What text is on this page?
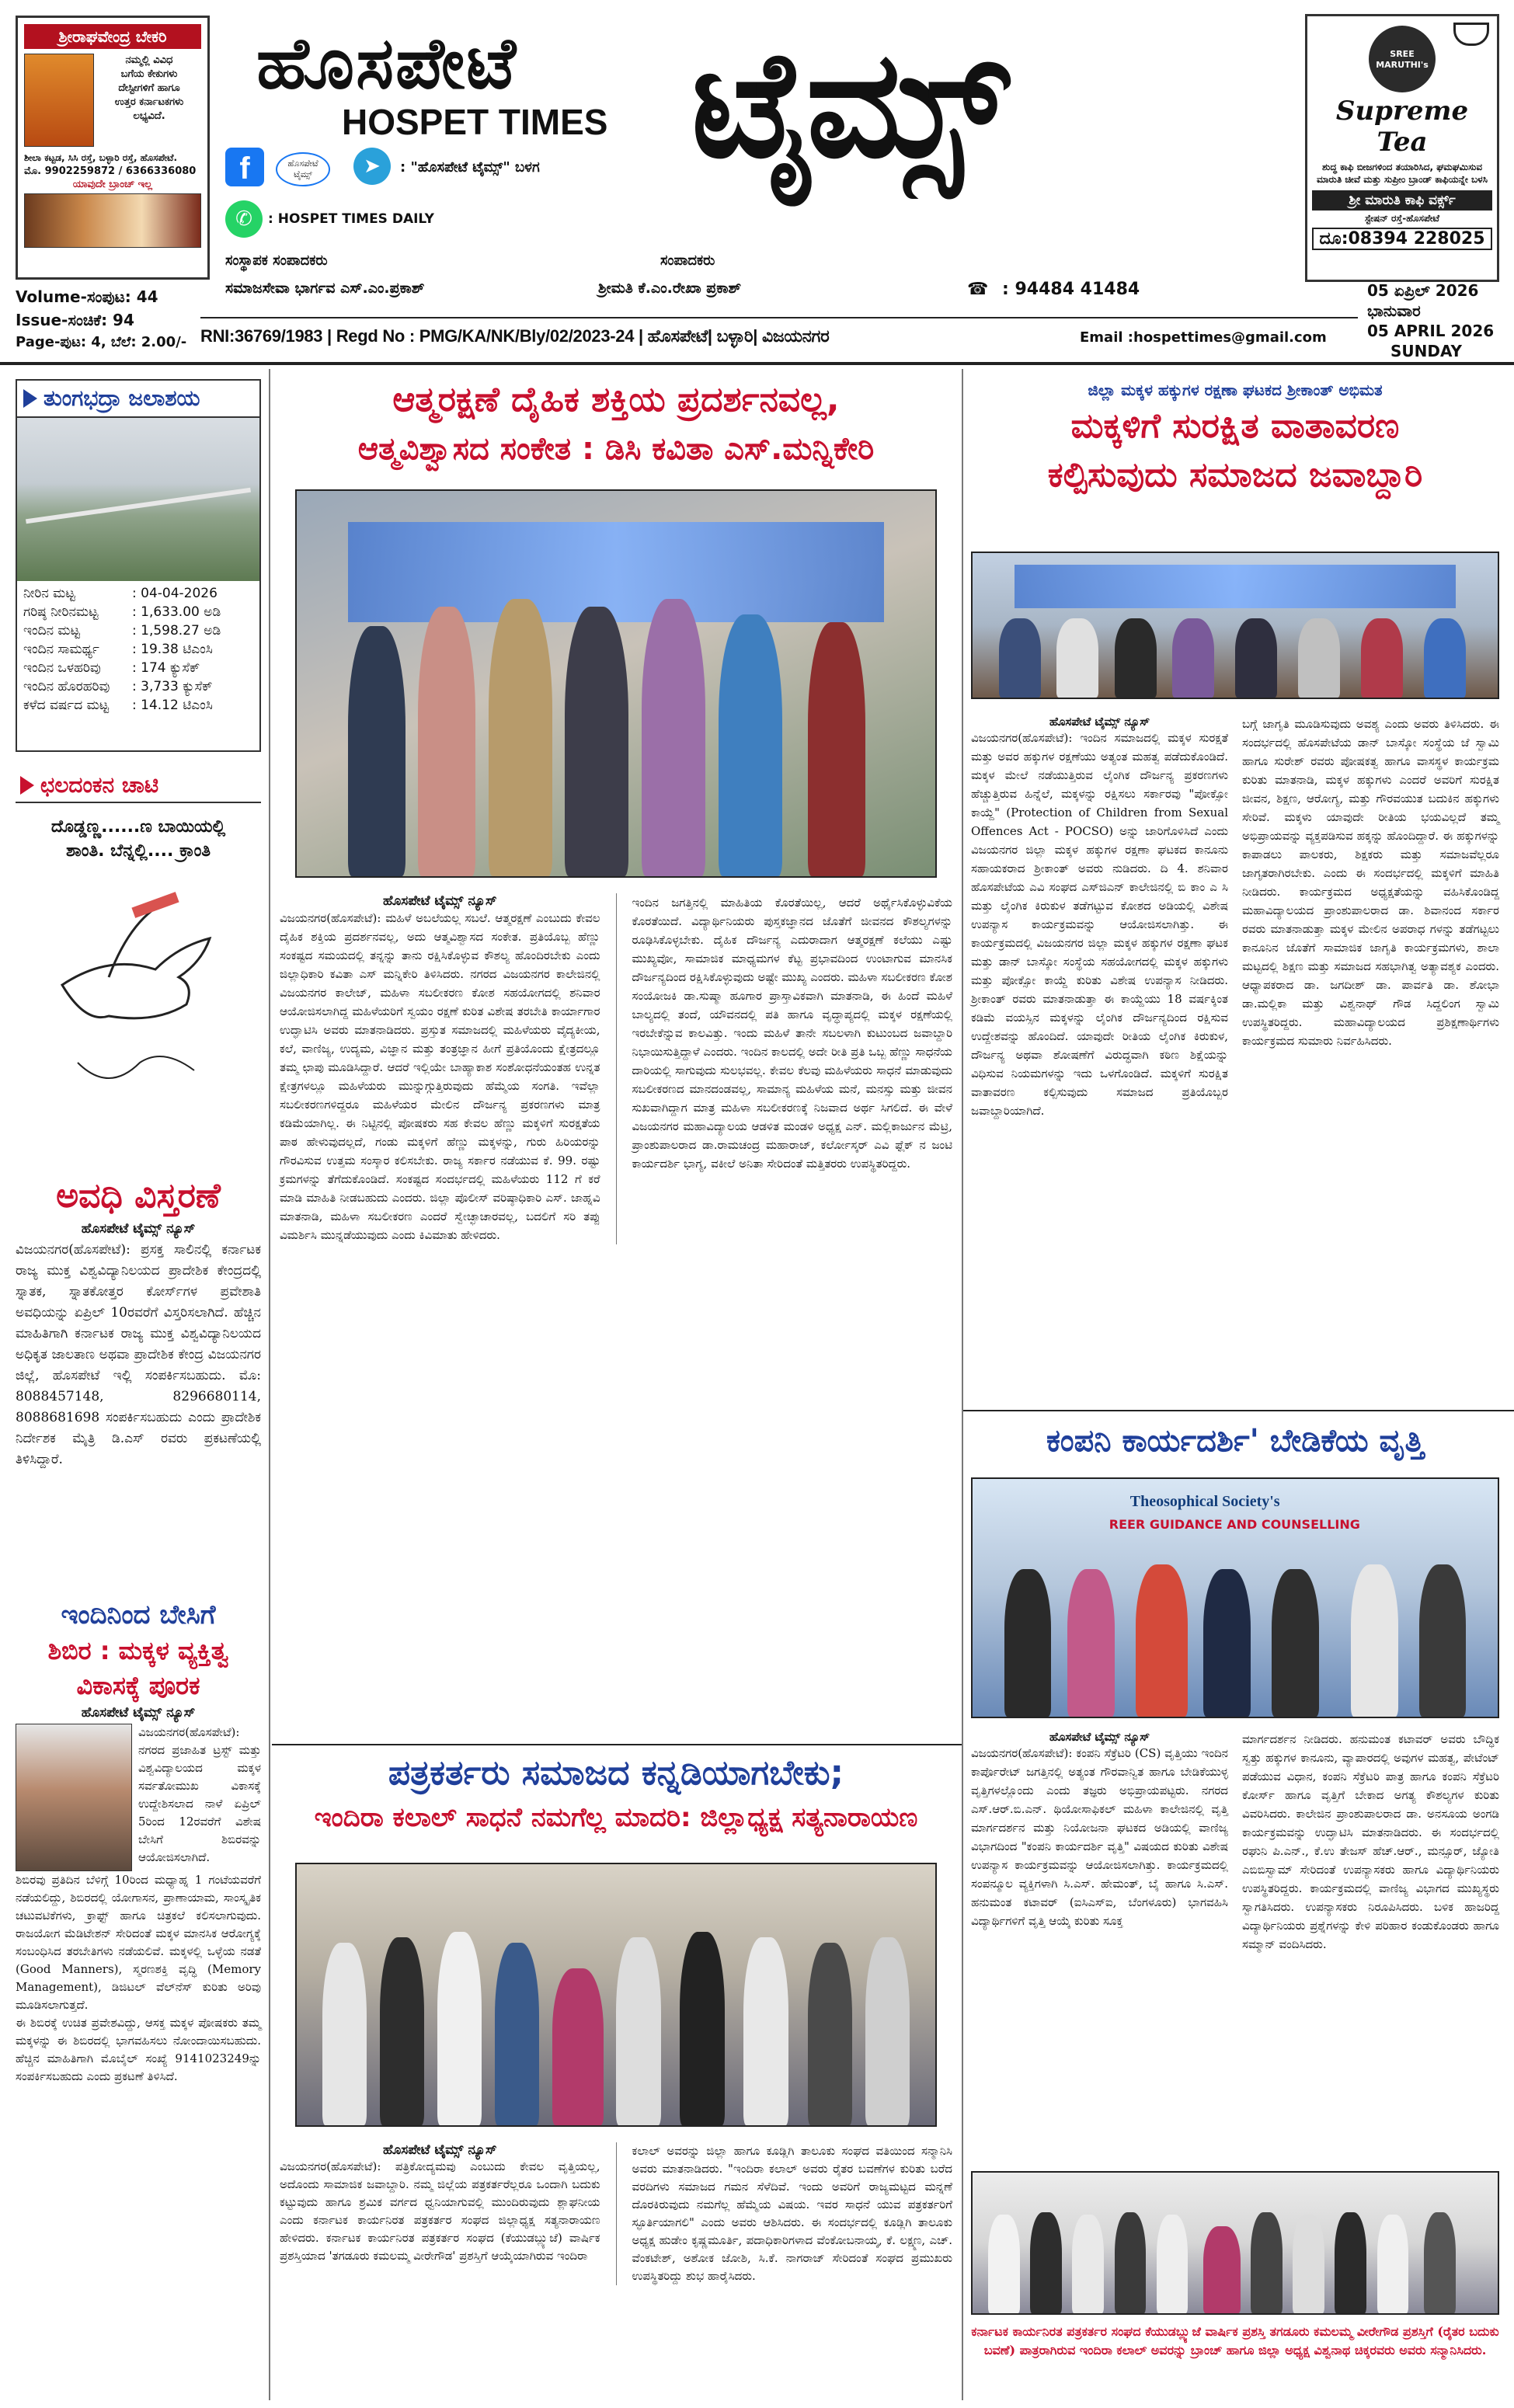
ಶ್ರೀರಾಘವೇಂದ್ರ ಬೇಕರಿ
ನಮ್ಮಲ್ಲಿ ವಿವಿಧ
ಬಗೆಯ ಕೇಕುಗಳು
ದೇಸ್ಟೀಗಳಿಗೆ ಹಾಗೂ
ಉತ್ತರ ಕರ್ನಾಟಕಗಳು ಲಭ್ಯವಿದೆ.
ಶೀಲಾ ಕಟ್ಟಡ, ಸಿಸಿ ರಸ್ತೆ, ಬಳ್ಳಾರಿ ರಸ್ತೆ, ಹೊಸಪೇಟೆ.
ಮೊ. 9902259872 / 6366336080
ಯಾವುದೇ ಬ್ರಾಂಚ್ ಇಲ್ಲ
ಹೊಸಪೇಟೆ
HOSPET TIMES ಟೈಮ್ಸ್
f	ಹೊಸಪೇಟೆ ಟೈಮ್ಸ್	➤	: "ಹೊಸಪೇಟೆ ಟೈಮ್ಸ್" ಬಳಗ
✆	: HOSPET TIMES DAILY
SREE MARUTHI's
Supreme Tea
ಶುದ್ಧ ಕಾಫಿ ಬೀಜಗಳಿಂದ ತಯಾರಿಸಿದ, ಘಮಘಮಿಸುವ ಮಾರುತಿ ಚೀವೆ ಮತ್ತು ಸುಪ್ರೀಂ ಬ್ರಾಂಡ್ ಕಾಫಿಯನ್ನೇ ಬಳಸಿ
ಶ್ರೀ ಮಾರುತಿ ಕಾಫಿ ವರ್ಕ್ಸ್
ಸ್ಟೇಷನ್ ರಸ್ತೆ-ಹೊಸಪೇಟೆ
ದೂ:08394 228025
ಸಂಸ್ಥಾಪಕ ಸಂಪಾದಕರು
ಸಮಾಜಸೇವಾ ಭಾರ್ಗವ ಎಸ್.ಎಂ.ಪ್ರಕಾಶ್
ಸಂಪಾದಕರು
ಶ್ರೀಮತಿ ಕೆ.ಎಂ.ರೇಖಾ ಪ್ರಕಾಶ್	☎ : 94484 41484
Volume-ಸಂಪುಟ: 44
Issue-ಸಂಚಿಕೆ: 94
Page-ಪುಟ: 4, ಬೆಲೆ: 2.00/- RNI:36769/1983 | Regd No : PMG/KA/NK/Bly/02/2023-24 | ಹೊಸಪೇಟೆ| ಬಳ್ಳಾರಿ| ವಿಜಯನಗರ	Email :hospettimes@gmail.com
05 ಏಪ್ರಿಲ್ 2026
ಭಾನುವಾರ
05 APRIL 2026
SUNDAY
ತುಂಗಭದ್ರಾ ಜಲಾಶಯ
ನೀರಿನ ಮಟ್ಟ	: 04-04-2026
ಗರಿಷ್ಠ ನೀರಿನಮಟ್ಟ	: 1,633.00 ಅಡಿ
ಇಂದಿನ ಮಟ್ಟ	: 1,598.27 ಅಡಿ
ಇಂದಿನ ಸಾಮರ್ಥ್ಯ	: 19.38 ಟಿಎಂಸಿ
ಇಂದಿನ ಒಳಹರಿವು	: 174 ಕ್ಯುಸೆಕ್
ಇಂದಿನ ಹೊರಹರಿವು	: 3,733 ಕ್ಯುಸೆಕ್
ಕಳೆದ ವರ್ಷದ ಮಟ್ಟ	: 14.12 ಟಿಎಂಸಿ
ಛಲದಂಕನ ಚಾಟಿ
ದೊಡ್ಡಣ್ಣ......ಣ ಬಾಯಿಯಲ್ಲಿ
ಶಾಂತಿ. ಬೆನ್ನಲ್ಲಿ.... ಕ್ರಾಂತಿ
ಅವಧಿ ವಿಸ್ತರಣೆ
ಹೊಸಪೇಟೆ ಟೈಮ್ಸ್ ನ್ಯೂಸ್
ವಿಜಯನಗರ(ಹೊಸಪೇಟೆ): ಪ್ರಸಕ್ತ ಸಾಲಿನಲ್ಲಿ ಕರ್ನಾಟಕ ರಾಜ್ಯ ಮುಕ್ತ ವಿಶ್ವವಿದ್ಯಾನಿಲಯದ ಪ್ರಾದೇಶಿಕ ಕೇಂದ್ರದಲ್ಲಿ ಸ್ನಾತಕ, ಸ್ನಾತಕೋತ್ತರ ಕೋರ್ಸ್‌ಗಳ ಪ್ರವೇಶಾತಿ ಅವಧಿಯನ್ನು ಏಪ್ರಿಲ್ 10ರವರೆಗೆ ವಿಸ್ತರಿಸಲಾಗಿದೆ. ಹೆಚ್ಚಿನ ಮಾಹಿತಿಗಾಗಿ ಕರ್ನಾಟಕ ರಾಜ್ಯ ಮುಕ್ತ ವಿಶ್ವವಿದ್ಯಾನಿಲಯದ ಅಧಿಕೃತ ಜಾಲತಾಣ ಅಥವಾ ಪ್ರಾದೇಶಿಕ ಕೇಂದ್ರ ವಿಜಯನಗರ ಜಿಲ್ಲೆ, ಹೊಸಪೇಟೆ ಇಲ್ಲಿ ಸಂಪರ್ಕಿಸಬಹುದು. ಮೊ: 8088457148, 8296680114, 8088681698 ಸಂಪರ್ಕಿಸಬಹುದು ಎಂದು ಪ್ರಾದೇಶಿಕ ನಿರ್ದೇಶಕ ಮೈತ್ರಿ ಡಿ.ಎಸ್ ರವರು ಪ್ರಕಟಣೆಯಲ್ಲಿ ತಿಳಿಸಿದ್ದಾರೆ.
ಇಂದಿನಿಂದ ಬೇಸಿಗೆ
ಶಿಬಿರ : ಮಕ್ಕಳ ವ್ಯಕ್ತಿತ್ವ
ವಿಕಾಸಕ್ಕೆ ಪೂರಕ
ಹೊಸಪೇಟೆ ಟೈಮ್ಸ್ ನ್ಯೂಸ್
ವಿಜಯನಗರ(ಹೊಸಪೇಟೆ): ನಗರದ ಪ್ರಜಾಹಿತ ಟ್ರಸ್ಟ್ ಮತ್ತು ವಿಶ್ವವಿದ್ಯಾಲಯದ ಮಕ್ಕಳ ಸರ್ವತೋಮುಖ ವಿಕಾಸಕ್ಕೆ ಉದ್ದೇಶಿಸಲಾದ ನಾಳೆ ಏಪ್ರಿಲ್ 5ರಿಂದ 12ರವರೆಗೆ ವಿಶೇಷ ಬೇಸಿಗೆ ಶಿಬಿರವನ್ನು ಆಯೋಜಿಸಲಾಗಿದೆ.
ಶಿಬಿರವು ಪ್ರತಿದಿನ ಬೆಳಿಗ್ಗೆ 10ರಿಂದ ಮಧ್ಯಾಹ್ನ 1 ಗಂಟೆಯವರೆಗೆ ನಡೆಯಲಿದ್ದು, ಶಿಬಿರದಲ್ಲಿ ಯೋಗಾಸನ, ಪ್ರಾಣಾಯಾಮ, ಸಾಂಸ್ಕೃತಿಕ ಚಟುವಟಿಕೆಗಳು, ಕ್ರಾಫ್ಟ್ ಹಾಗೂ ಚಿತ್ರಕಲೆ ಕಲಿಸಲಾಗುವುದು. ರಾಜಯೋಗ ಮೆಡಿಟೇಶನ್ ಸೇರಿದಂತೆ ಮಕ್ಕಳ ಮಾನಸಿಕ ಆರೋಗ್ಯಕ್ಕೆ ಸಂಬಂಧಿಸಿದ ತರಬೇತಿಗಳು ನಡೆಯಲಿವೆ. ಮಕ್ಕಳಲ್ಲಿ ಒಳ್ಳೆಯ ನಡತೆ (Good Manners), ಸ್ಮರಣಶಕ್ತಿ ವೃದ್ಧಿ (Memory Management), ಡಿಜಿಟಲ್ ವೆಲ್‌ನೆಸ್ ಕುರಿತು ಅರಿವು ಮೂಡಿಸಲಾಗುತ್ತದೆ.
ಈ ಶಿಬಿರಕ್ಕೆ ಉಚಿತ ಪ್ರವೇಶವಿದ್ದು, ಆಸಕ್ತ ಮಕ್ಕಳ ಪೋಷಕರು ತಮ್ಮ ಮಕ್ಕಳನ್ನು ಈ ಶಿಬಿರದಲ್ಲಿ ಭಾಗವಹಿಸಲು ನೋಂದಾಯಿಸಬಹುದು. ಹೆಚ್ಚಿನ ಮಾಹಿತಿಗಾಗಿ ಮೊಬೈಲ್ ಸಂಖ್ಯೆ 9141023249ನ್ನು ಸಂಪರ್ಕಿಸಬಹುದು ಎಂದು ಪ್ರಕಟಣೆ ತಿಳಿಸಿದೆ.
ಆತ್ಮರಕ್ಷಣೆ ದೈಹಿಕ ಶಕ್ತಿಯ ಪ್ರದರ್ಶನವಲ್ಲ,
ಆತ್ಮವಿಶ್ವಾಸದ ಸಂಕೇತ : ಡಿಸಿ ಕವಿತಾ ಎಸ್.ಮನ್ನಿಕೇರಿ
ಹೊಸಪೇಟೆ ಟೈಮ್ಸ್ ನ್ಯೂಸ್
ವಿಜಯನಗರ(ಹೊಸಪೇಟೆ): ಮಹಿಳೆ ಅಬಲೆಯಲ್ಲ ಸಬಲೆ. ಆತ್ಮರಕ್ಷಣೆ ಎಂಬುದು ಕೇವಲ ದೈಹಿಕ ಶಕ್ತಿಯ ಪ್ರದರ್ಶನವಲ್ಲ, ಅದು ಆತ್ಮವಿಶ್ವಾಸದ ಸಂಕೇತ. ಪ್ರತಿಯೊಬ್ಬ ಹೆಣ್ಣು ಸಂಕಷ್ಟದ ಸಮಯದಲ್ಲಿ ತನ್ನನ್ನು ತಾನು ರಕ್ಷಿಸಿಕೊಳ್ಳುವ ಕೌಶಲ್ಯ ಹೊಂದಿರಬೇಕು ಎಂದು ಜಿಲ್ಲಾಧಿಕಾರಿ ಕವಿತಾ ಎಸ್ ಮನ್ನಿಕೇರಿ ತಿಳಿಸಿದರು. ನಗರದ ವಿಜಯನಗರ ಕಾಲೇಜಿನಲ್ಲಿ ವಿಜಯನಗರ ಕಾಲೇಜ್, ಮಹಿಳಾ ಸಬಲೀಕರಣ ಕೋಶ ಸಹಯೋಗದಲ್ಲಿ ಶನಿವಾರ ಆಯೋಜಿಸಲಾಗಿದ್ದ ಮಹಿಳೆಯರಿಗೆ ಸ್ವಯಂ ರಕ್ಷಣೆ ಕುರಿತ ವಿಶೇಷ ತರಬೇತಿ ಕಾರ್ಯಾಗಾರ ಉದ್ಘಾಟಿಸಿ ಅವರು ಮಾತನಾಡಿದರು. ಪ್ರಸ್ತುತ ಸಮಾಜದಲ್ಲಿ ಮಹಿಳೆಯರು ವೈದ್ಯಕೀಯ, ಕಲೆ, ವಾಣಿಜ್ಯ, ಉದ್ಯಮ, ವಿಜ್ಞಾನ ಮತ್ತು ತಂತ್ರಜ್ಞಾನ ಹೀಗೆ ಪ್ರತಿಯೊಂದು ಕ್ಷೇತ್ರದಲ್ಲೂ ತಮ್ಮ ಛಾಪು ಮೂಡಿಸಿದ್ದಾರೆ. ಆದರೆ ಇಲ್ಲಿಯೇ ಬಾಹ್ಯಾಕಾಶ ಸಂಶೋಧನೆಯಂತಹ ಉನ್ನತ ಕ್ಷೇತ್ರಗಳಲ್ಲೂ ಮಹಿಳೆಯರು ಮುನ್ನುಗ್ಗುತ್ತಿರುವುದು ಹೆಮ್ಮೆಯ ಸಂಗತಿ. ಇವೆಲ್ಲಾ ಸಬಲೀಕರಣಗಳಿದ್ದರೂ ಮಹಿಳೆಯರ ಮೇಲಿನ ದೌರ್ಜನ್ಯ ಪ್ರಕರಣಗಳು ಮಾತ್ರ ಕಡಿಮೆಯಾಗಿಲ್ಲ. ಈ ನಿಟ್ಟಿನಲ್ಲಿ ಪೋಷಕರು ಸಹ ಕೇವಲ ಹೆಣ್ಣು ಮಕ್ಕಳಿಗೆ ಸುರಕ್ಷತೆಯ ಪಾಠ ಹೇಳುವುದಲ್ಲದೆ, ಗಂಡು ಮಕ್ಕಳಿಗೆ ಹೆಣ್ಣು ಮಕ್ಕಳನ್ನು, ಗುರು ಹಿರಿಯರನ್ನು ಗೌರವಿಸುವ ಉತ್ತಮ ಸಂಸ್ಕಾರ ಕಲಿಸಬೇಕು. ರಾಜ್ಯ ಸರ್ಕಾರ ನಡೆಯುವ ಕೆ. 99. ರಷ್ಟು ಕ್ರಮಗಳನ್ನು ತೆಗೆದುಕೊಂಡಿದೆ. ಸಂಕಷ್ಟದ ಸಂದರ್ಭದಲ್ಲಿ ಮಹಿಳೆಯರು 112 ಗೆ ಕರೆ ಮಾಡಿ ಮಾಹಿತಿ ನೀಡಬಹುದು ಎಂದರು. ಜಿಲ್ಲಾ ಪೊಲೀಸ್ ವರಿಷ್ಠಾಧಿಕಾರಿ ಎಸ್. ಜಾಹ್ನವಿ ಮಾತನಾಡಿ, ಮಹಿಳಾ ಸಬಲೀಕರಣ ಎಂದರೆ ಸ್ವೇಚ್ಛಾಚಾರವಲ್ಲ, ಬದಲಿಗೆ ಸರಿ ತಪ್ಪು ವಿಮರ್ಶಿಸಿ ಮುನ್ನಡೆಯುವುದು ಎಂದು ಕಿವಿಮಾತು ಹೇಳಿದರು.
ಇಂದಿನ ಜಗತ್ತಿನಲ್ಲಿ ಮಾಹಿತಿಯ ಕೊರತೆಯಿಲ್ಲ, ಆದರೆ ಅರ್ಥೈಸಿಕೊಳ್ಳುವಿಕೆಯ ಕೊರತೆಯಿದೆ. ವಿದ್ಯಾರ್ಥಿನಿಯರು ಪುಸ್ತಕಜ್ಞಾನದ ಜೊತೆಗೆ ಜೀವನದ ಕೌಶಲ್ಯಗಳನ್ನು ರೂಢಿಸಿಕೊಳ್ಳಬೇಕು. ದೈಹಿಕ ದೌರ್ಜನ್ಯ ಎದುರಾದಾಗ ಆತ್ಮರಕ್ಷಣೆ ಕಲೆಯು ಎಷ್ಟು ಮುಖ್ಯವೋ, ಸಾಮಾಜಿಕ ಮಾಧ್ಯಮಗಳ ಕೆಟ್ಟ ಪ್ರಭಾವದಿಂದ ಉಂಟಾಗುವ ಮಾನಸಿಕ ದೌರ್ಜನ್ಯದಿಂದ ರಕ್ಷಿಸಿಕೊಳ್ಳುವುದು ಅಷ್ಟೇ ಮುಖ್ಯ ಎಂದರು. ಮಹಿಳಾ ಸಬಲೀಕರಣ ಕೋಶ ಸಂಯೋಜಕಿ ಡಾ.ಸುಷ್ಮಾ ಹೂಗಾರ ಪ್ರಾಸ್ತಾವಿಕವಾಗಿ ಮಾತನಾಡಿ, ಈ ಹಿಂದೆ ಮಹಿಳೆ ಬಾಲ್ಯದಲ್ಲಿ ತಂದೆ, ಯೌವನದಲ್ಲಿ ಪತಿ ಹಾಗೂ ವೃದ್ಧಾಪ್ಯದಲ್ಲಿ ಮಕ್ಕಳ ರಕ್ಷಣೆಯಲ್ಲಿ ಇರಬೇಕೆನ್ನುವ ಕಾಲವಿತ್ತು. ಇಂದು ಮಹಿಳೆ ತಾನೇ ಸಬಲಳಾಗಿ ಕುಟುಂಬದ ಜವಾಬ್ದಾರಿ ನಿಭಾಯಿಸುತ್ತಿದ್ದಾಳೆ ಎಂದರು. ಇಂದಿನ ಕಾಲದಲ್ಲಿ ಅದೇ ರೀತಿ ಪ್ರತಿ ಒಬ್ಬ ಹೆಣ್ಣು ಸಾಧನೆಯ ದಾರಿಯಲ್ಲಿ ಸಾಗುವುದು ಸುಲಭವಲ್ಲ. ಕೇವಲ ಕೆಲವು ಮಹಿಳೆಯರು ಸಾಧನೆ ಮಾಡುವುದು ಸಬಲೀಕರಣದ ಮಾನದಂಡವಲ್ಲ, ಸಾಮಾನ್ಯ ಮಹಿಳೆಯ ಮನೆ, ಮನಸ್ಸು ಮತ್ತು ಜೀವನ ಸುಖವಾಗಿದ್ದಾಗ ಮಾತ್ರ ಮಹಿಳಾ ಸಬಲೀಕರಣಕ್ಕೆ ನಿಜವಾದ ಅರ್ಥ ಸಿಗಲಿದೆ. ಈ ವೇಳೆ ವಿಜಯನಗರ ಮಹಾವಿದ್ಯಾಲಯ ಆಡಳಿತ ಮಂಡಳಿ ಅಧ್ಯಕ್ಷ ಎನ್. ಮಲ್ಲಿಕಾರ್ಜುನ ಮೆಟ್ರಿ, ಪ್ರಾಂಶುಪಾಲರಾದ ಡಾ.ರಾಮಚಂದ್ರ ಮಹಾರಾಜ್, ಕರ್ಲೋಸ್ಕರ್ ಎವಿ ಫ್ಲೆಕ್ ನ ಜಂಟಿ ಕಾರ್ಯದರ್ಶಿ ಭಾಗ್ಯ, ವಕೀಲೆ ಅನಿತಾ ಸೇರಿದಂತೆ ಮತ್ತಿತರರು ಉಪಸ್ಥಿತರಿದ್ದರು.
ಪತ್ರಕರ್ತರು ಸಮಾಜದ ಕನ್ನಡಿಯಾಗಬೇಕು;
ಇಂದಿರಾ ಕಲಾಲ್ ಸಾಧನೆ ನಮಗೆಲ್ಲ ಮಾದರಿ: ಜಿಲ್ಲಾಧ್ಯಕ್ಷ ಸತ್ಯನಾರಾಯಣ
ಹೊಸಪೇಟೆ ಟೈಮ್ಸ್ ನ್ಯೂಸ್
ವಿಜಯನಗರ(ಹೊಸಪೇಟೆ): ಪತ್ರಿಕೋದ್ಯಮವು ಎಂಬುದು ಕೇವಲ ವೃತ್ತಿಯಲ್ಲ, ಅದೊಂದು ಸಾಮಾಜಿಕ ಜವಾಬ್ದಾರಿ. ನಮ್ಮ ಜಿಲ್ಲೆಯ ಪತ್ರಕರ್ತರೆಲ್ಲರೂ ಒಂದಾಗಿ ಬದುಕು ಕಟ್ಟುವುದು ಹಾಗೂ ಶ್ರಮಿಕ ವರ್ಗದ ಧ್ವನಿಯಾಗುವಲ್ಲಿ ಮುಂದಿರುವುದು ಶ್ಲಾಘನೀಯ ಎಂದು ಕರ್ನಾಟಕ ಕಾರ್ಯನಿರತ ಪತ್ರಕರ್ತರ ಸಂಘದ ಜಿಲ್ಲಾಧ್ಯಕ್ಷ ಸತ್ಯನಾರಾಯಣ ಹೇಳಿದರು. ಕರ್ನಾಟಕ ಕಾರ್ಯನಿರತ ಪತ್ರಕರ್ತರ ಸಂಘದ (ಕೆಯುಡಬ್ಲ್ಯುಜೆ) ವಾರ್ಷಿಕ ಪ್ರಶಸ್ತಿಯಾದ 'ತಗಡೂರು ಕಮಲಮ್ಮ ವೀರೇಗೌಡ' ಪ್ರಶಸ್ತಿಗೆ ಆಯ್ಕೆಯಾಗಿರುವ ಇಂದಿರಾ
ಕಲಾಲ್ ಅವರನ್ನು ಜಿಲ್ಲಾ ಹಾಗೂ ಕೂಡ್ಲಿಗಿ ತಾಲೂಕು ಸಂಘದ ವತಿಯಿಂದ ಸನ್ಮಾನಿಸಿ ಅವರು ಮಾತನಾಡಿದರು. "ಇಂದಿರಾ ಕಲಾಲ್ ಅವರು ರೈತರ ಬವಣೆಗಳ ಕುರಿತು ಬರೆದ ವರದಿಗಳು ಸಮಾಜದ ಗಮನ ಸೆಳೆದಿವೆ. ಇಂದು ಅವರಿಗೆ ರಾಜ್ಯಮಟ್ಟದ ಮನ್ನಣೆ ದೊರಕಿರುವುದು ನಮಗೆಲ್ಲ ಹೆಮ್ಮೆಯ ವಿಷಯ. ಇವರ ಸಾಧನೆ ಯುವ ಪತ್ರಕರ್ತರಿಗೆ ಸ್ಫೂರ್ತಿಯಾಗಲಿ" ಎಂದು ಅವರು ಆಶಿಸಿದರು. ಈ ಸಂದರ್ಭದಲ್ಲಿ ಕೂಡ್ಲಿಗಿ ತಾಲೂಕು ಅಧ್ಯಕ್ಷ ಹುಡೇಂ ಕೃಷ್ಣಮೂರ್ತಿ, ಪದಾಧಿಕಾರಿಗಳಾದ ವೆಂಕೋಬನಾಯ್ಕ, ಕೆ. ಲಕ್ಷ್ಮಣ, ಎಚ್. ವೆಂಕಟೇಶ್, ಅಶೋಕ ಜೋಶಿ, ಸಿ.ಕೆ. ನಾಗರಾಜ್ ಸೇರಿದಂತೆ ಸಂಘದ ಪ್ರಮುಖರು ಉಪಸ್ಥಿತರಿದ್ದು ಶುಭ ಹಾರೈಸಿದರು.
ಜಿಲ್ಲಾ ಮಕ್ಕಳ ಹಕ್ಕುಗಳ ರಕ್ಷಣಾ ಘಟಕದ ಶ್ರೀಕಾಂತ್ ಅಭಿಮತ
ಮಕ್ಕಳಿಗೆ ಸುರಕ್ಷಿತ ವಾತಾವರಣ
ಕಲ್ಪಿಸುವುದು ಸಮಾಜದ ಜವಾಬ್ದಾರಿ
ಹೊಸಪೇಟೆ ಟೈಮ್ಸ್ ನ್ಯೂಸ್
ವಿಜಯನಗರ(ಹೊಸಪೇಟೆ): ಇಂದಿನ ಸಮಾಜದಲ್ಲಿ ಮಕ್ಕಳ ಸುರಕ್ಷತೆ ಮತ್ತು ಅವರ ಹಕ್ಕುಗಳ ರಕ್ಷಣೆಯು ಅತ್ಯಂತ ಮಹತ್ವ ಪಡೆದುಕೊಂಡಿದೆ. ಮಕ್ಕಳ ಮೇಲೆ ನಡೆಯುತ್ತಿರುವ ಲೈಂಗಿಕ ದೌರ್ಜನ್ಯ ಪ್ರಕರಣಗಳು ಹೆಚ್ಚುತ್ತಿರುವ ಹಿನ್ನೆಲೆ, ಮಕ್ಕಳನ್ನು ರಕ್ಷಿಸಲು ಸರ್ಕಾರವು "ಪೋಕ್ಸೋ ಕಾಯ್ದೆ" (Protection of Children from Sexual Offences Act - POCSO) ಅನ್ನು ಜಾರಿಗೊಳಿಸಿದೆ ಎಂದು ವಿಜಯನಗರ ಜಿಲ್ಲಾ ಮಕ್ಕಳ ಹಕ್ಕುಗಳ ರಕ್ಷಣಾ ಘಟಕದ ಕಾನೂನು ಸಹಾಯಕರಾದ ಶ್ರೀಕಾಂತ್ ಅವರು ನುಡಿದರು. ದಿ 4. ಶನಿವಾರ ಹೊಸಪೇಟೆಯ ಎವಿ ಸಂಘದ ಎಸ್‌ಜಿಎನ್ ಕಾಲೇಜಿನಲ್ಲಿ ಬಿ ಕಾಂ ಎ ಸಿ ಮತ್ತು ಲೈಂಗಿಕ ಕಿರುಕುಳ ತಡೆಗಟ್ಟುವ ಕೋಶದ ಅಡಿಯಲ್ಲಿ ವಿಶೇಷ ಉಪನ್ಯಾಸ ಕಾರ್ಯಕ್ರಮವನ್ನು ಆಯೋಜಿಸಲಾಗಿತ್ತು. ಈ ಕಾರ್ಯಕ್ರಮದಲ್ಲಿ ವಿಜಯನಗರ ಜಿಲ್ಲಾ ಮಕ್ಕಳ ಹಕ್ಕುಗಳ ರಕ್ಷಣಾ ಘಟಕ ಮತ್ತು ಡಾನ್ ಬಾಸ್ಕೋ ಸಂಸ್ಥೆಯ ಸಹಯೋಗದಲ್ಲಿ ಮಕ್ಕಳ ಹಕ್ಕುಗಳು ಮತ್ತು ಪೋಕ್ಸೋ ಕಾಯ್ದೆ ಕುರಿತು ವಿಶೇಷ ಉಪನ್ಯಾಸ ನೀಡಿದರು. ಶ್ರೀಕಾಂತ್ ರವರು ಮಾತನಾಡುತ್ತಾ ಈ ಕಾಯ್ದೆಯು 18 ವರ್ಷಕ್ಕಿಂತ ಕಡಿಮೆ ವಯಸ್ಸಿನ ಮಕ್ಕಳನ್ನು ಲೈಂಗಿಕ ದೌರ್ಜನ್ಯದಿಂದ ರಕ್ಷಿಸುವ ಉದ್ದೇಶವನ್ನು ಹೊಂದಿದೆ. ಯಾವುದೇ ರೀತಿಯ ಲೈಂಗಿಕ ಕಿರುಕುಳ, ದೌರ್ಜನ್ಯ ಅಥವಾ ಶೋಷಣೆಗೆ ವಿರುದ್ಧವಾಗಿ ಕಠಿಣ ಶಿಕ್ಷೆಯನ್ನು ವಿಧಿಸುವ ನಿಯಮಗಳನ್ನು ಇದು ಒಳಗೊಂಡಿದೆ. ಮಕ್ಕಳಿಗೆ ಸುರಕ್ಷಿತ ವಾತಾವರಣ ಕಲ್ಪಿಸುವುದು ಸಮಾಜದ ಪ್ರತಿಯೊಬ್ಬರ ಜವಾಬ್ದಾರಿಯಾಗಿದೆ.
ಬಗ್ಗೆ ಜಾಗೃತಿ ಮೂಡಿಸುವುದು ಅವಶ್ಯ ಎಂದು ಅವರು ತಿಳಿಸಿದರು. ಈ ಸಂದರ್ಭದಲ್ಲಿ ಹೊಸಪೇಟೆಯ ಡಾನ್ ಬಾಸ್ಕೋ ಸಂಸ್ಥೆಯ ಜೆ ಸ್ವಾಮಿ ಹಾಗೂ ಸುರೇಶ್ ರವರು ಪೋಷಕತ್ವ ಹಾಗೂ ವಾಸಸ್ಥಳ ಕಾರ್ಯಕ್ರಮ ಕುರಿತು ಮಾತನಾಡಿ, ಮಕ್ಕಳ ಹಕ್ಕುಗಳು ಎಂದರೆ ಅವರಿಗೆ ಸುರಕ್ಷಿತ ಜೀವನ, ಶಿಕ್ಷಣ, ಆರೋಗ್ಯ, ಮತ್ತು ಗೌರವಯುತ ಬದುಕಿನ ಹಕ್ಕುಗಳು ಸೇರಿವೆ. ಮಕ್ಕಳು ಯಾವುದೇ ರೀತಿಯ ಭಯವಿಲ್ಲದೆ ತಮ್ಮ ಅಭಿಪ್ರಾಯವನ್ನು ವ್ಯಕ್ತಪಡಿಸುವ ಹಕ್ಕನ್ನು ಹೊಂದಿದ್ದಾರೆ. ಈ ಹಕ್ಕುಗಳನ್ನು ಕಾಪಾಡಲು ಪಾಲಕರು, ಶಿಕ್ಷಕರು ಮತ್ತು ಸಮಾಜವೆಲ್ಲರೂ ಜಾಗೃತರಾಗಿರಬೇಕು. ಎಂದು ಈ ಸಂದರ್ಭದಲ್ಲಿ ಮಕ್ಕಳಿಗೆ ಮಾಹಿತಿ ನೀಡಿದರು. ಕಾರ್ಯಕ್ರಮದ ಅಧ್ಯಕ್ಷತೆಯನ್ನು ವಹಿಸಿಕೊಂಡಿದ್ದ ಮಹಾವಿದ್ಯಾಲಯದ ಪ್ರಾಂಶುಪಾಲರಾದ ಡಾ. ಶಿವಾನಂದ ಸರ್ಕಾರ ರವರು ಮಾತನಾಡುತ್ತಾ ಮಕ್ಕಳ ಮೇಲಿನ ಅಪರಾಧ ಗಳನ್ನು ತಡೆಗಟ್ಟಲು ಕಾನೂನಿನ ಜೊತೆಗೆ ಸಾಮಾಜಿಕ ಜಾಗೃತಿ ಕಾರ್ಯಕ್ರಮಗಳು, ಶಾಲಾ ಮಟ್ಟದಲ್ಲಿ ಶಿಕ್ಷಣ ಮತ್ತು ಸಮಾಜದ ಸಹಭಾಗಿತ್ವ ಅತ್ಯಾವಶ್ಯಕ ಎಂದರು. ಆಧ್ಯಾಪಕರಾದ ಡಾ. ಜಗದೀಶ್ ಡಾ. ಪಾರ್ವತಿ ಡಾ. ಶೋಭಾ ಡಾ.ಮಲ್ಲಿಕಾ ಮತ್ತು ವಿಶ್ವನಾಥ್ ಗೌಡ ಸಿದ್ದಲಿಂಗ ಸ್ವಾಮಿ ಉಪಸ್ಥಿತರಿದ್ದರು. ಮಹಾವಿದ್ಯಾಲಯದ ಪ್ರಶಿಕ್ಷಣಾರ್ಥಿಗಳು ಕಾರ್ಯಕ್ರಮದ ಸುಮಾರು ನಿರ್ವಹಿಸಿದರು.
ಕಂಪನಿ ಕಾರ್ಯದರ್ಶಿ' ಬೇಡಿಕೆಯ ವೃತ್ತಿ
Theosophical Society's
REER GUIDANCE AND COUNSELLING
ಹೊಸಪೇಟೆ ಟೈಮ್ಸ್ ನ್ಯೂಸ್
ವಿಜಯನಗರ(ಹೊಸಪೇಟೆ): ಕಂಪನಿ ಸೆಕ್ರೆಟರಿ (CS) ವೃತ್ತಿಯು ಇಂದಿನ ಕಾರ್ಪೊರೇಟ್ ಜಗತ್ತಿನಲ್ಲಿ ಅತ್ಯಂತ ಗೌರವಾನ್ವಿತ ಹಾಗೂ ಬೇಡಿಕೆಯುಳ್ಳ ವೃತ್ತಿಗಳಲ್ಲೊಂದು ಎಂದು ತಜ್ಞರು ಅಭಿಪ್ರಾಯಪಟ್ಟರು. ನಗರದ ಎಸ್.ಆರ್.ಬಿ.ಎನ್. ಥಿಯೋಸಾಫಿಕಲ್ ಮಹಿಳಾ ಕಾಲೇಜಿನಲ್ಲಿ ವೃತ್ತಿ ಮಾರ್ಗದರ್ಶನ ಮತ್ತು ನಿಯೋಜನಾ ಘಟಕದ ಅಡಿಯಲ್ಲಿ ವಾಣಿಜ್ಯ ವಿಭಾಗದಿಂದ "ಕಂಪನಿ ಕಾರ್ಯದರ್ಶಿ ವೃತ್ತಿ" ವಿಷಯದ ಕುರಿತು ವಿಶೇಷ ಉಪನ್ಯಾಸ ಕಾರ್ಯಕ್ರಮವನ್ನು ಆಯೋಜಿಸಲಾಗಿತ್ತು. ಕಾರ್ಯಕ್ರಮದಲ್ಲಿ ಸಂಪನ್ಮೂಲ ವ್ಯಕ್ತಿಗಳಾಗಿ ಸಿ.ಎಸ್. ಹೇಮಂತ್, ಬೈ ಹಾಗೂ ಸಿ.ಎಸ್. ಹನುಮಂತ ಕಟಾವರ್ (ಐಸಿಎಸ್ಐ, ಬೆಂಗಳೂರು) ಭಾಗವಹಿಸಿ ವಿದ್ಯಾರ್ಥಿಗಳಿಗೆ ವೃತ್ತಿ ಆಯ್ಕೆ ಕುರಿತು ಸೂಕ್ತ
ಮಾರ್ಗದರ್ಶನ ನೀಡಿದರು. ಹನುಮಂತ ಕಟಾವರ್ ಅವರು ಬೌದ್ಧಿಕ ಸ್ವತ್ತು ಹಕ್ಕುಗಳ ಕಾನೂನು, ವ್ಯಾಪಾರದಲ್ಲಿ ಅವುಗಳ ಮಹತ್ವ, ಪೇಟೆಂಟ್ ಪಡೆಯುವ ವಿಧಾನ, ಕಂಪನಿ ಸೆಕ್ರೆಟರಿ ಪಾತ್ರ ಹಾಗೂ ಕಂಪನಿ ಸೆಕ್ರೆಟರಿ ಕೋರ್ಸ್ ಹಾಗೂ ವೃತ್ತಿಗೆ ಬೇಕಾದ ಅಗತ್ಯ ಕೌಶಲ್ಯಗಳ ಕುರಿತು ವಿವರಿಸಿದರು. ಕಾಲೇಜಿನ ಪ್ರಾಂಶುಪಾಲರಾದ ಡಾ. ಅನಸೂಯ ಅಂಗಡಿ ಕಾರ್ಯಕ್ರಮವನ್ನು ಉದ್ಘಾಟಿಸಿ ಮಾತನಾಡಿದರು. ಈ ಸಂದರ್ಭದಲ್ಲಿ ರಘುನಿ ಪಿ.ಎನ್., ಕೆ.ಉ ತೇಜಸ್ ಹೆಚ್.ಆರ್., ಮನ್ಸೂರ್, ಜ್ಯೋತಿ ಎಬಿಬಿಸ್ವಾಮ್ ಸೇರಿದಂತೆ ಉಪನ್ಯಾಸಕರು ಹಾಗೂ ವಿದ್ಯಾರ್ಥಿನಿಯರು ಉಪಸ್ಥಿತರಿದ್ದರು. ಕಾರ್ಯಕ್ರಮದಲ್ಲಿ ವಾಣಿಜ್ಯ ವಿಭಾಗದ ಮುಖ್ಯಸ್ಥರು ಸ್ವಾಗತಿಸಿದರು. ಉಪನ್ಯಾಸಕರು ನಿರೂಪಿಸಿದರು. ಬಳಿಕ ಹಾಜರಿದ್ದ ವಿದ್ಯಾರ್ಥಿನಿಯರು ಪ್ರಶ್ನೆಗಳನ್ನು ಕೇಳಿ ಪರಿಹಾರ ಕಂಡುಕೊಂಡರು ಹಾಗೂ ಸಮ್ಮಾನ್ ವಂದಿಸಿದರು.
ಕರ್ನಾಟಕ ಕಾರ್ಯನಿರತ ಪತ್ರಕರ್ತರ ಸಂಘದ ಕೆಯುಡಬ್ಲ್ಯುಜೆ ವಾರ್ಷಿಕ ಪ್ರಶಸ್ತಿ ತಗಡೂರು ಕಮಲಮ್ಮ ವೀರೇಗೌಡ ಪ್ರಶಸ್ತಿಗೆ (ರೈತರ ಬದುಕು ಬವಣೆ) ಪಾತ್ರರಾಗಿರುವ ಇಂದಿರಾ ಕಲಾಲ್ ಅವರನ್ನು ಬ್ರಾಂಚ್ ಹಾಗೂ ಜಿಲ್ಲಾ ಅಧ್ಯಕ್ಷ ವಿಶ್ವನಾಥ ಚಿಕ್ಕರವರು ಅವರು ಸನ್ಮಾನಿಸಿದರು.
